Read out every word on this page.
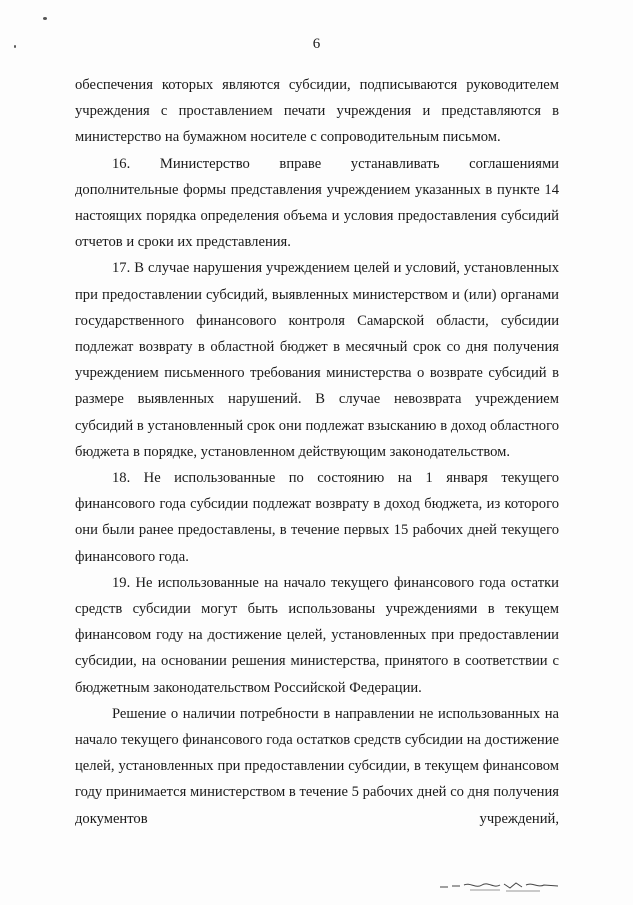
6

обеспечения которых являются субсидии, подписываются руководителем учреждения с проставлением печати учреждения и представляются в министерство на бумажном носителе с сопроводительным письмом.

16. Министерство вправе устанавливать соглашениями дополнительные формы представления учреждением указанных в пункте 14 настоящих порядка определения объема и условия предоставления субсидий отчетов и сроки их представления.

17. В случае нарушения учреждением целей и условий, установленных при предоставлении субсидий, выявленных министерством и (или) органами государственного финансового контроля Самарской области, субсидии подлежат возврату в областной бюджет в месячный срок со дня получения учреждением письменного требования министерства о возврате субсидий в размере выявленных нарушений. В случае невозврата учреждением субсидий в установленный срок они подлежат взысканию в доход областного бюджета в порядке, установленном действующим законодательством.

18. Не использованные по состоянию на 1 января текущего финансового года субсидии подлежат возврату в доход бюджета, из которого они были ранее предоставлены, в течение первых 15 рабочих дней текущего финансового года.

19. Не использованные на начало текущего финансового года остатки средств субсидии могут быть использованы учреждениями в текущем финансовом году на достижение целей, установленных при предоставлении субсидии, на основании решения министерства, принятого в соответствии с бюджетным законодательством Российской Федерации.

Решение о наличии потребности в направлении не использованных на начало текущего финансового года остатков средств субсидии на достижение целей, установленных при предоставлении субсидии, в текущем финансовом году принимается министерством в течение 5 рабочих дней со дня получения документов учреждений,
